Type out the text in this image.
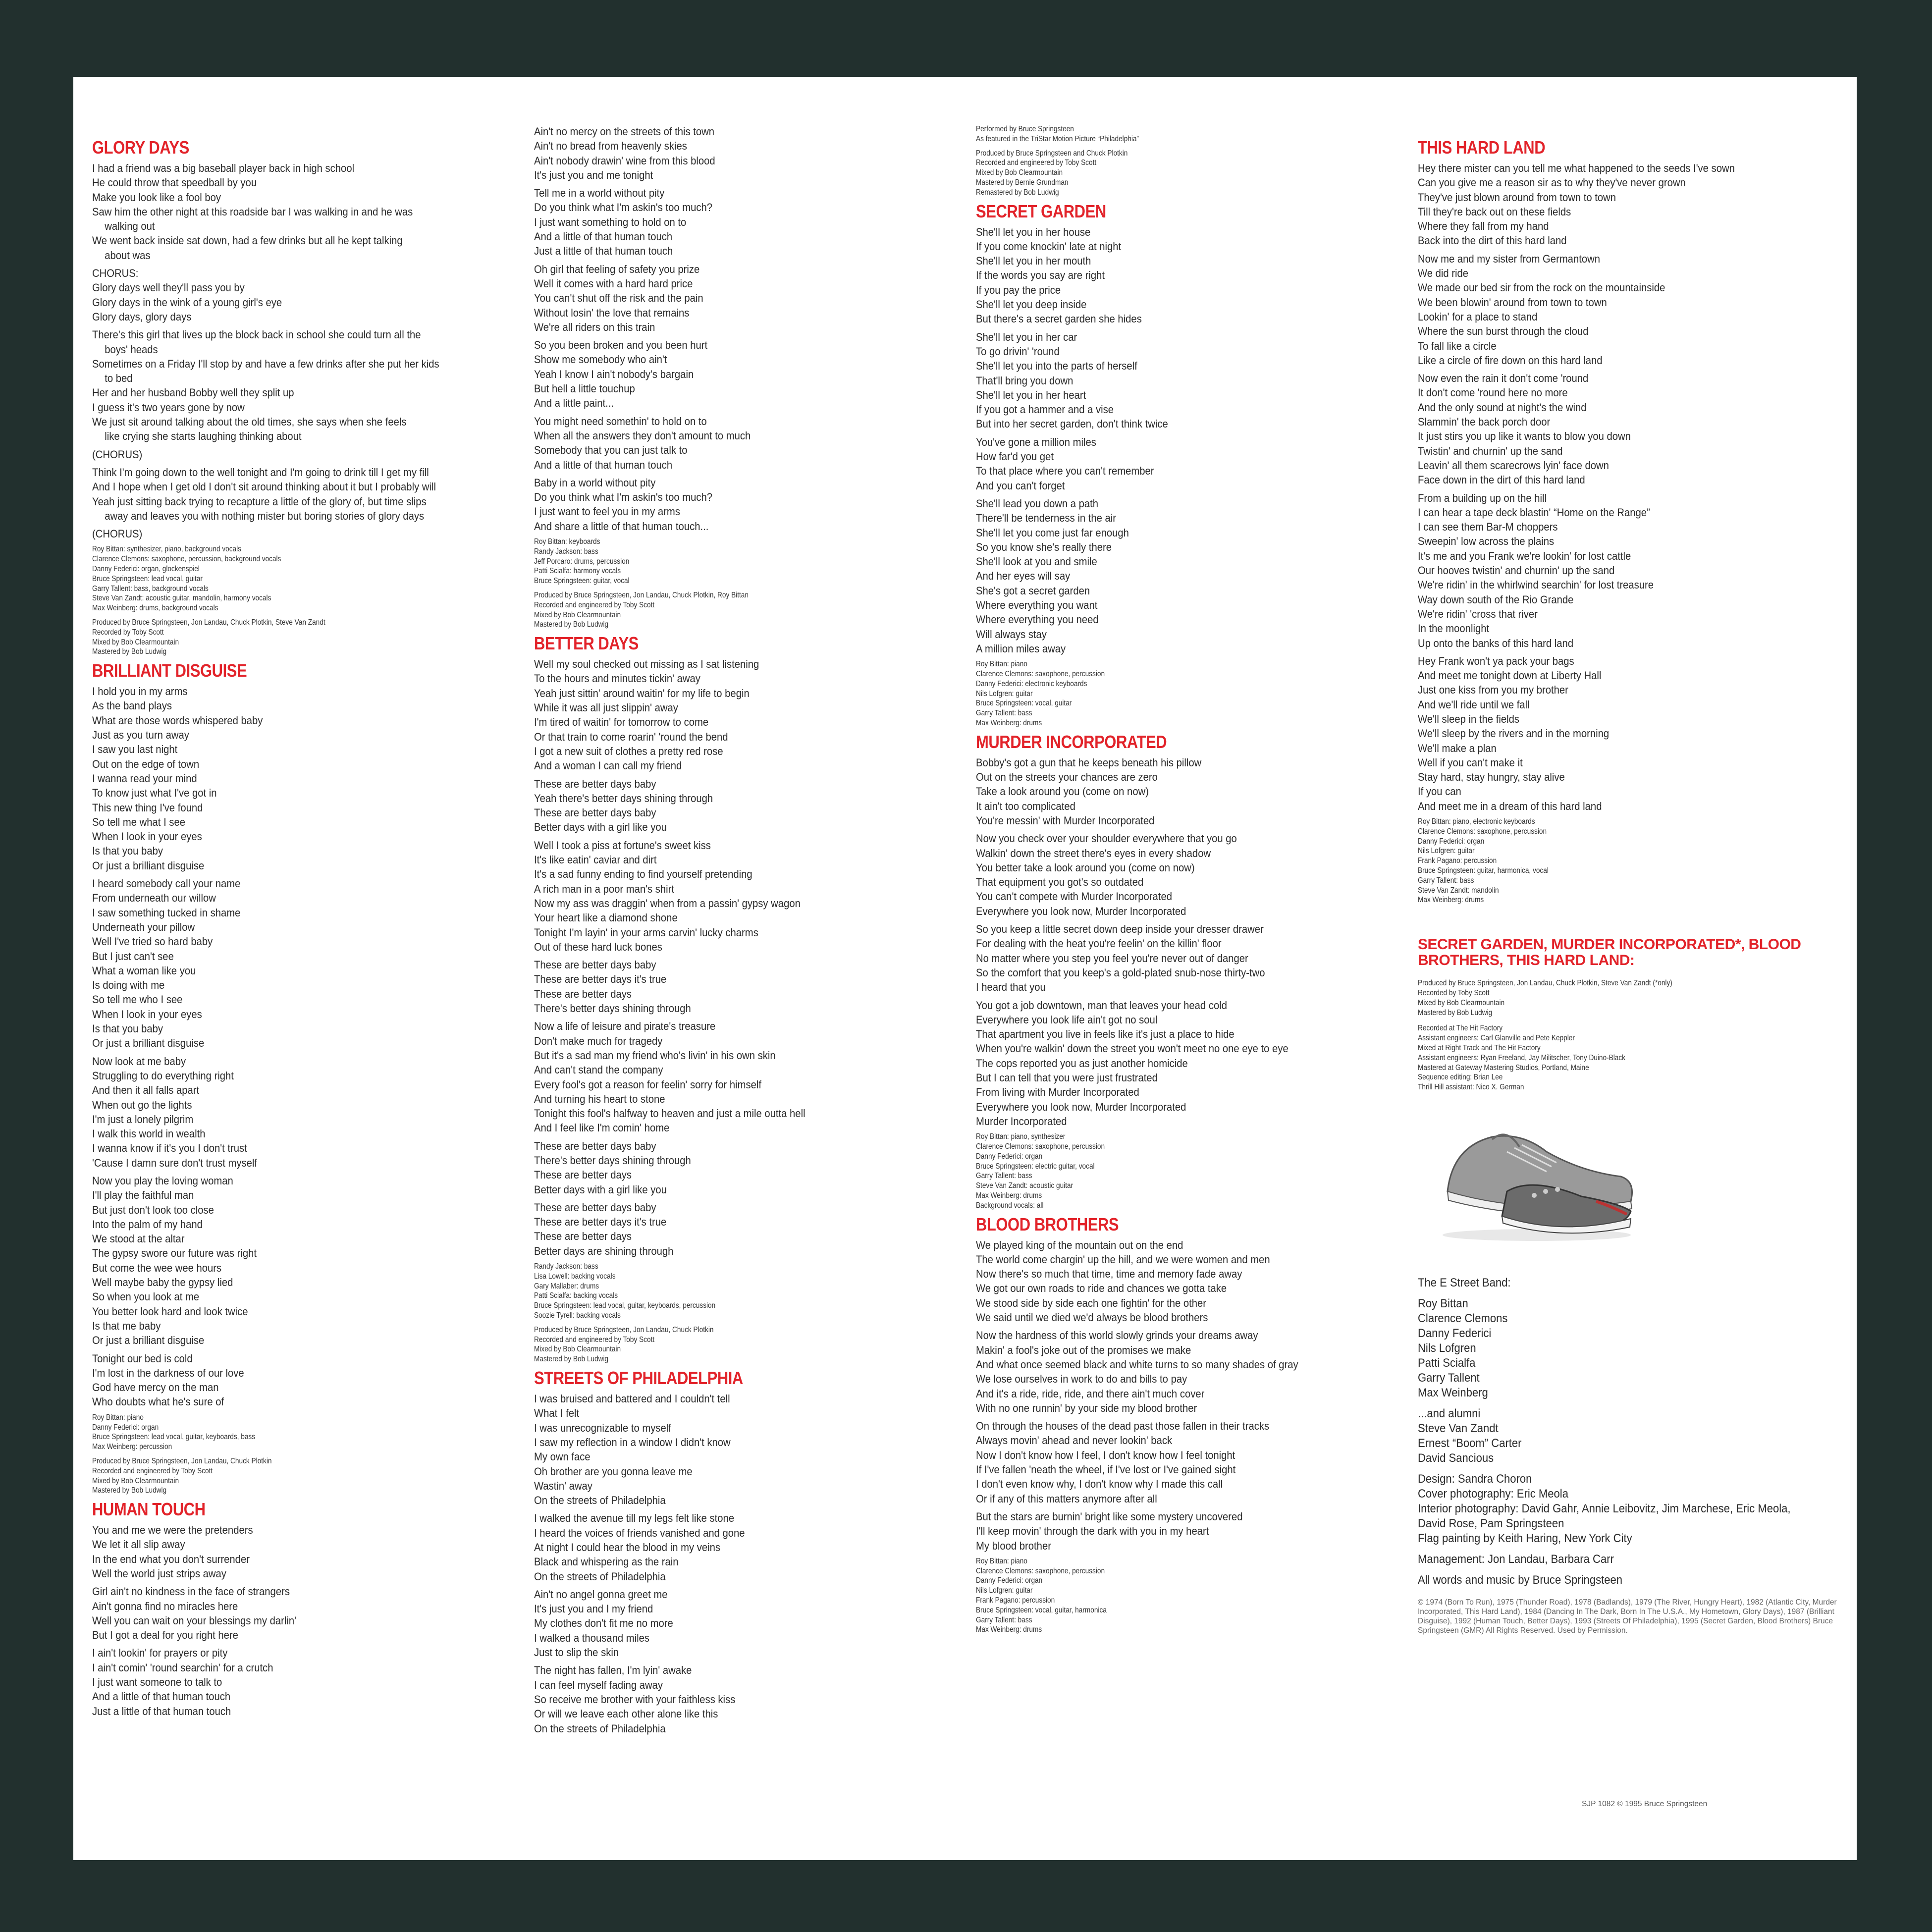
GLORY DAYS
I had a friend was a big baseball player back in high school
He could throw that speedball by you
Make you look like a fool boy
Saw him the other night at this roadside bar I was walking in and he was
walking out
We went back inside sat down, had a few drinks but all he kept talking
about was
CHORUS:
Glory days well they'll pass you by
Glory days in the wink of a young girl's eye
Glory days, glory days
There's this girl that lives up the block back in school she could turn all the
boys' heads
Sometimes on a Friday I'll stop by and have a few drinks after she put her kids
to bed
Her and her husband Bobby well they split up
I guess it's two years gone by now
We just sit around talking about the old times, she says when she feels
like crying she starts laughing thinking about
(CHORUS)
Think I'm going down to the well tonight and I'm going to drink till I get my fill
And I hope when I get old I don't sit around thinking about it but I probably will
Yeah just sitting back trying to recapture a little of the glory of, but time slips
away and leaves you with nothing mister but boring stories of glory days
(CHORUS)
Roy Bittan: synthesizer, piano, background vocals
Clarence Clemons: saxophone, percussion, background vocals
Danny Federici: organ, glockenspiel
Bruce Springsteen: lead vocal, guitar
Garry Tallent: bass, background vocals
Steve Van Zandt: acoustic guitar, mandolin, harmony vocals
Max Weinberg: drums, background vocals
Produced by Bruce Springsteen, Jon Landau, Chuck Plotkin, Steve Van Zandt
Recorded by Toby Scott
Mixed by Bob Clearmountain
Mastered by Bob Ludwig
BRILLIANT DISGUISE
I hold you in my arms
As the band plays
What are those words whispered baby
Just as you turn away
I saw you last night
Out on the edge of town
I wanna read your mind
To know just what I've got in
This new thing I've found
So tell me what I see
When I look in your eyes
Is that you baby
Or just a brilliant disguise
I heard somebody call your name
From underneath our willow
I saw something tucked in shame
Underneath your pillow
Well I've tried so hard baby
But I just can't see
What a woman like you
Is doing with me
So tell me who I see
When I look in your eyes
Is that you baby
Or just a brilliant disguise
Now look at me baby
Struggling to do everything right
And then it all falls apart
When out go the lights
I'm just a lonely pilgrim
I walk this world in wealth
I wanna know if it's you I don't trust
'Cause I damn sure don't trust myself
Now you play the loving woman
I'll play the faithful man
But just don't look too close
Into the palm of my hand
We stood at the altar
The gypsy swore our future was right
But come the wee wee hours
Well maybe baby the gypsy lied
So when you look at me
You better look hard and look twice
Is that me baby
Or just a brilliant disguise
Tonight our bed is cold
I'm lost in the darkness of our love
God have mercy on the man
Who doubts what he's sure of
Roy Bittan: piano
Danny Federici: organ
Bruce Springsteen: lead vocal, guitar, keyboards, bass
Max Weinberg: percussion
Produced by Bruce Springsteen, Jon Landau, Chuck Plotkin
Recorded and engineered by Toby Scott
Mixed by Bob Clearmountain
Mastered by Bob Ludwig
HUMAN TOUCH
You and me we were the pretenders
We let it all slip away
In the end what you don't surrender
Well the world just strips away
Girl ain't no kindness in the face of strangers
Ain't gonna find no miracles here
Well you can wait on your blessings my darlin'
But I got a deal for you right here
I ain't lookin' for prayers or pity
I ain't comin' 'round searchin' for a crutch
I just want someone to talk to
And a little of that human touch
Just a little of that human touch
Ain't no mercy on the streets of this town
Ain't no bread from heavenly skies
Ain't nobody drawin' wine from this blood
It's just you and me tonight
Tell me in a world without pity
Do you think what I'm askin's too much?
I just want something to hold on to
And a little of that human touch
Just a little of that human touch
Oh girl that feeling of safety you prize
Well it comes with a hard hard price
You can't shut off the risk and the pain
Without losin' the love that remains
We're all riders on this train
So you been broken and you been hurt
Show me somebody who ain't
Yeah I know I ain't nobody's bargain
But hell a little touchup
And a little paint...
You might need somethin' to hold on to
When all the answers they don't amount to much
Somebody that you can just talk to
And a little of that human touch
Baby in a world without pity
Do you think what I'm askin's too much?
I just want to feel you in my arms
And share a little of that human touch...
Roy Bittan: keyboards
Randy Jackson: bass
Jeff Porcaro: drums, percussion
Patti Scialfa: harmony vocals
Bruce Springsteen: guitar, vocal
Produced by Bruce Springsteen, Jon Landau, Chuck Plotkin, Roy Bittan
Recorded and engineered by Toby Scott
Mixed by Bob Clearmountain
Mastered by Bob Ludwig
BETTER DAYS
Well my soul checked out missing as I sat listening
To the hours and minutes tickin' away
Yeah just sittin' around waitin' for my life to begin
While it was all just slippin' away
I'm tired of waitin' for tomorrow to come
Or that train to come roarin' 'round the bend
I got a new suit of clothes a pretty red rose
And a woman I can call my friend
These are better days baby
Yeah there's better days shining through
These are better days baby
Better days with a girl like you
Well I took a piss at fortune's sweet kiss
It's like eatin' caviar and dirt
It's a sad funny ending to find yourself pretending
A rich man in a poor man's shirt
Now my ass was draggin' when from a passin' gypsy wagon
Your heart like a diamond shone
Tonight I'm layin' in your arms carvin' lucky charms
Out of these hard luck bones
These are better days baby
These are better days it's true
These are better days
There's better days shining through
Now a life of leisure and pirate's treasure
Don't make much for tragedy
But it's a sad man my friend who's livin' in his own skin
And can't stand the company
Every fool's got a reason for feelin' sorry for himself
And turning his heart to stone
Tonight this fool's halfway to heaven and just a mile outta hell
And I feel like I'm comin' home
These are better days baby
There's better days shining through
These are better days
Better days with a girl like you
These are better days baby
These are better days it's true
These are better days
Better days are shining through
Randy Jackson: bass
Lisa Lowell: backing vocals
Gary Mallaber: drums
Patti Scialfa: backing vocals
Bruce Springsteen: lead vocal, guitar, keyboards, percussion
Soozie Tyrell: backing vocals
Produced by Bruce Springsteen, Jon Landau, Chuck Plotkin
Recorded and engineered by Toby Scott
Mixed by Bob Clearmountain
Mastered by Bob Ludwig
STREETS OF PHILADELPHIA
I was bruised and battered and I couldn't tell
What I felt
I was unrecognizable to myself
I saw my reflection in a window I didn't know
My own face
Oh brother are you gonna leave me
Wastin' away
On the streets of Philadelphia
I walked the avenue till my legs felt like stone
I heard the voices of friends vanished and gone
At night I could hear the blood in my veins
Black and whispering as the rain
On the streets of Philadelphia
Ain't no angel gonna greet me
It's just you and I my friend
My clothes don't fit me no more
I walked a thousand miles
Just to slip the skin
The night has fallen, I'm lyin' awake
I can feel myself fading away
So receive me brother with your faithless kiss
Or will we leave each other alone like this
On the streets of Philadelphia
Performed by Bruce Springsteen
As featured in the TriStar Motion Picture “Philadelphia”
Produced by Bruce Springsteen and Chuck Plotkin
Recorded and engineered by Toby Scott
Mixed by Bob Clearmountain
Mastered by Bernie Grundman
Remastered by Bob Ludwig
SECRET GARDEN
She'll let you in her house
If you come knockin' late at night
She'll let you in her mouth
If the words you say are right
If you pay the price
She'll let you deep inside
But there's a secret garden she hides
She'll let you in her car
To go drivin' 'round
She'll let you into the parts of herself
That'll bring you down
She'll let you in her heart
If you got a hammer and a vise
But into her secret garden, don't think twice
You've gone a million miles
How far'd you get
To that place where you can't remember
And you can't forget
She'll lead you down a path
There'll be tenderness in the air
She'll let you come just far enough
So you know she's really there
She'll look at you and smile
And her eyes will say
She's got a secret garden
Where everything you want
Where everything you need
Will always stay
A million miles away
Roy Bittan: piano
Clarence Clemons: saxophone, percussion
Danny Federici: electronic keyboards
Nils Lofgren: guitar
Bruce Springsteen: vocal, guitar
Garry Tallent: bass
Max Weinberg: drums
MURDER INCORPORATED
Bobby's got a gun that he keeps beneath his pillow
Out on the streets your chances are zero
Take a look around you (come on now)
It ain't too complicated
You're messin' with Murder Incorporated
Now you check over your shoulder everywhere that you go
Walkin' down the street there's eyes in every shadow
You better take a look around you (come on now)
That equipment you got's so outdated
You can't compete with Murder Incorporated
Everywhere you look now, Murder Incorporated
So you keep a little secret down deep inside your dresser drawer
For dealing with the heat you're feelin' on the killin' floor
No matter where you step you feel you're never out of danger
So the comfort that you keep's a gold-plated snub-nose thirty-two
I heard that you
You got a job downtown, man that leaves your head cold
Everywhere you look life ain't got no soul
That apartment you live in feels like it's just a place to hide
When you're walkin' down the street you won't meet no one eye to eye
The cops reported you as just another homicide
But I can tell that you were just frustrated
From living with Murder Incorporated
Everywhere you look now, Murder Incorporated
Murder Incorporated
Roy Bittan: piano, synthesizer
Clarence Clemons: saxophone, percussion
Danny Federici: organ
Bruce Springsteen: electric guitar, vocal
Garry Tallent: bass
Steve Van Zandt: acoustic guitar
Max Weinberg: drums
Background vocals: all
BLOOD BROTHERS
We played king of the mountain out on the end
The world come chargin' up the hill, and we were women and men
Now there's so much that time, time and memory fade away
We got our own roads to ride and chances we gotta take
We stood side by side each one fightin' for the other
We said until we died we'd always be blood brothers
Now the hardness of this world slowly grinds your dreams away
Makin' a fool's joke out of the promises we make
And what once seemed black and white turns to so many shades of gray
We lose ourselves in work to do and bills to pay
And it's a ride, ride, ride, and there ain't much cover
With no one runnin' by your side my blood brother
On through the houses of the dead past those fallen in their tracks
Always movin' ahead and never lookin' back
Now I don't know how I feel, I don't know how I feel tonight
If I've fallen 'neath the wheel, if I've lost or I've gained sight
I don't even know why, I don't know why I made this call
Or if any of this matters anymore after all
But the stars are burnin' bright like some mystery uncovered
I'll keep movin' through the dark with you in my heart
My blood brother
Roy Bittan: piano
Clarence Clemons: saxophone, percussion
Danny Federici: organ
Nils Lofgren: guitar
Frank Pagano: percussion
Bruce Springsteen: vocal, guitar, harmonica
Garry Tallent: bass
Max Weinberg: drums
THIS HARD LAND
Hey there mister can you tell me what happened to the seeds I've sown
Can you give me a reason sir as to why they've never grown
They've just blown around from town to town
Till they're back out on these fields
Where they fall from my hand
Back into the dirt of this hard land
Now me and my sister from Germantown
We did ride
We made our bed sir from the rock on the mountainside
We been blowin' around from town to town
Lookin' for a place to stand
Where the sun burst through the cloud
To fall like a circle
Like a circle of fire down on this hard land
Now even the rain it don't come 'round
It don't come 'round here no more
And the only sound at night's the wind
Slammin' the back porch door
It just stirs you up like it wants to blow you down
Twistin' and churnin' up the sand
Leavin' all them scarecrows lyin' face down
Face down in the dirt of this hard land
From a building up on the hill
I can hear a tape deck blastin' “Home on the Range”
I can see them Bar-M choppers
Sweepin' low across the plains
It's me and you Frank we're lookin' for lost cattle
Our hooves twistin' and churnin' up the sand
We're ridin' in the whirlwind searchin' for lost treasure
Way down south of the Rio Grande
We're ridin' 'cross that river
In the moonlight
Up onto the banks of this hard land
Hey Frank won't ya pack your bags
And meet me tonight down at Liberty Hall
Just one kiss from you my brother
And we'll ride until we fall
We'll sleep in the fields
We'll sleep by the rivers and in the morning
We'll make a plan
Well if you can't make it
Stay hard, stay hungry, stay alive
If you can
And meet me in a dream of this hard land
Roy Bittan: piano, electronic keyboards
Clarence Clemons: saxophone, percussion
Danny Federici: organ
Nils Lofgren: guitar
Frank Pagano: percussion
Bruce Springsteen: guitar, harmonica, vocal
Garry Tallent: bass
Steve Van Zandt: mandolin
Max Weinberg: drums
SECRET GARDEN, MURDER INCORPORATED*, BLOOD BROTHERS, THIS HARD LAND:
Produced by Bruce Springsteen, Jon Landau, Chuck Plotkin, Steve Van Zandt (*only)
Recorded by Toby Scott
Mixed by Bob Clearmountain
Mastered by Bob Ludwig
Recorded at The Hit Factory
Assistant engineers: Carl Glanville and Pete Keppler
Mixed at Right Track and The Hit Factory
Assistant engineers: Ryan Freeland, Jay Militscher, Tony Duino-Black
Mastered at Gateway Mastering Studios, Portland, Maine
Sequence editing: Brian Lee
Thrill Hill assistant: Nico X. German
The E Street Band:
Roy Bittan
Clarence Clemons
Danny Federici
Nils Lofgren
Patti Scialfa
Garry Tallent
Max Weinberg
...and alumni
Steve Van Zandt
Ernest “Boom” Carter
David Sancious
Design: Sandra Choron
Cover photography: Eric Meola
Interior photography: David Gahr, Annie Leibovitz, Jim Marchese, Eric Meola,
David Rose, Pam Springsteen
Flag painting by Keith Haring, New York City
Management: Jon Landau, Barbara Carr
All words and music by Bruce Springsteen
© 1974 (Born To Run), 1975 (Thunder Road), 1978 (Badlands), 1979 (The River, Hungry Heart), 1982 (Atlantic City, Murder Incorporated, This Hard Land), 1984 (Dancing In The Dark, Born In The U.S.A., My Hometown, Glory Days), 1987 (Brilliant Disguise), 1992 (Human Touch, Better Days), 1993 (Streets Of Philadelphia), 1995 (Secret Garden, Blood Brothers) Bruce Springsteen (GMR) All Rights Reserved. Used by Permission.
SJP 1082 © 1995 Bruce Springsteen
